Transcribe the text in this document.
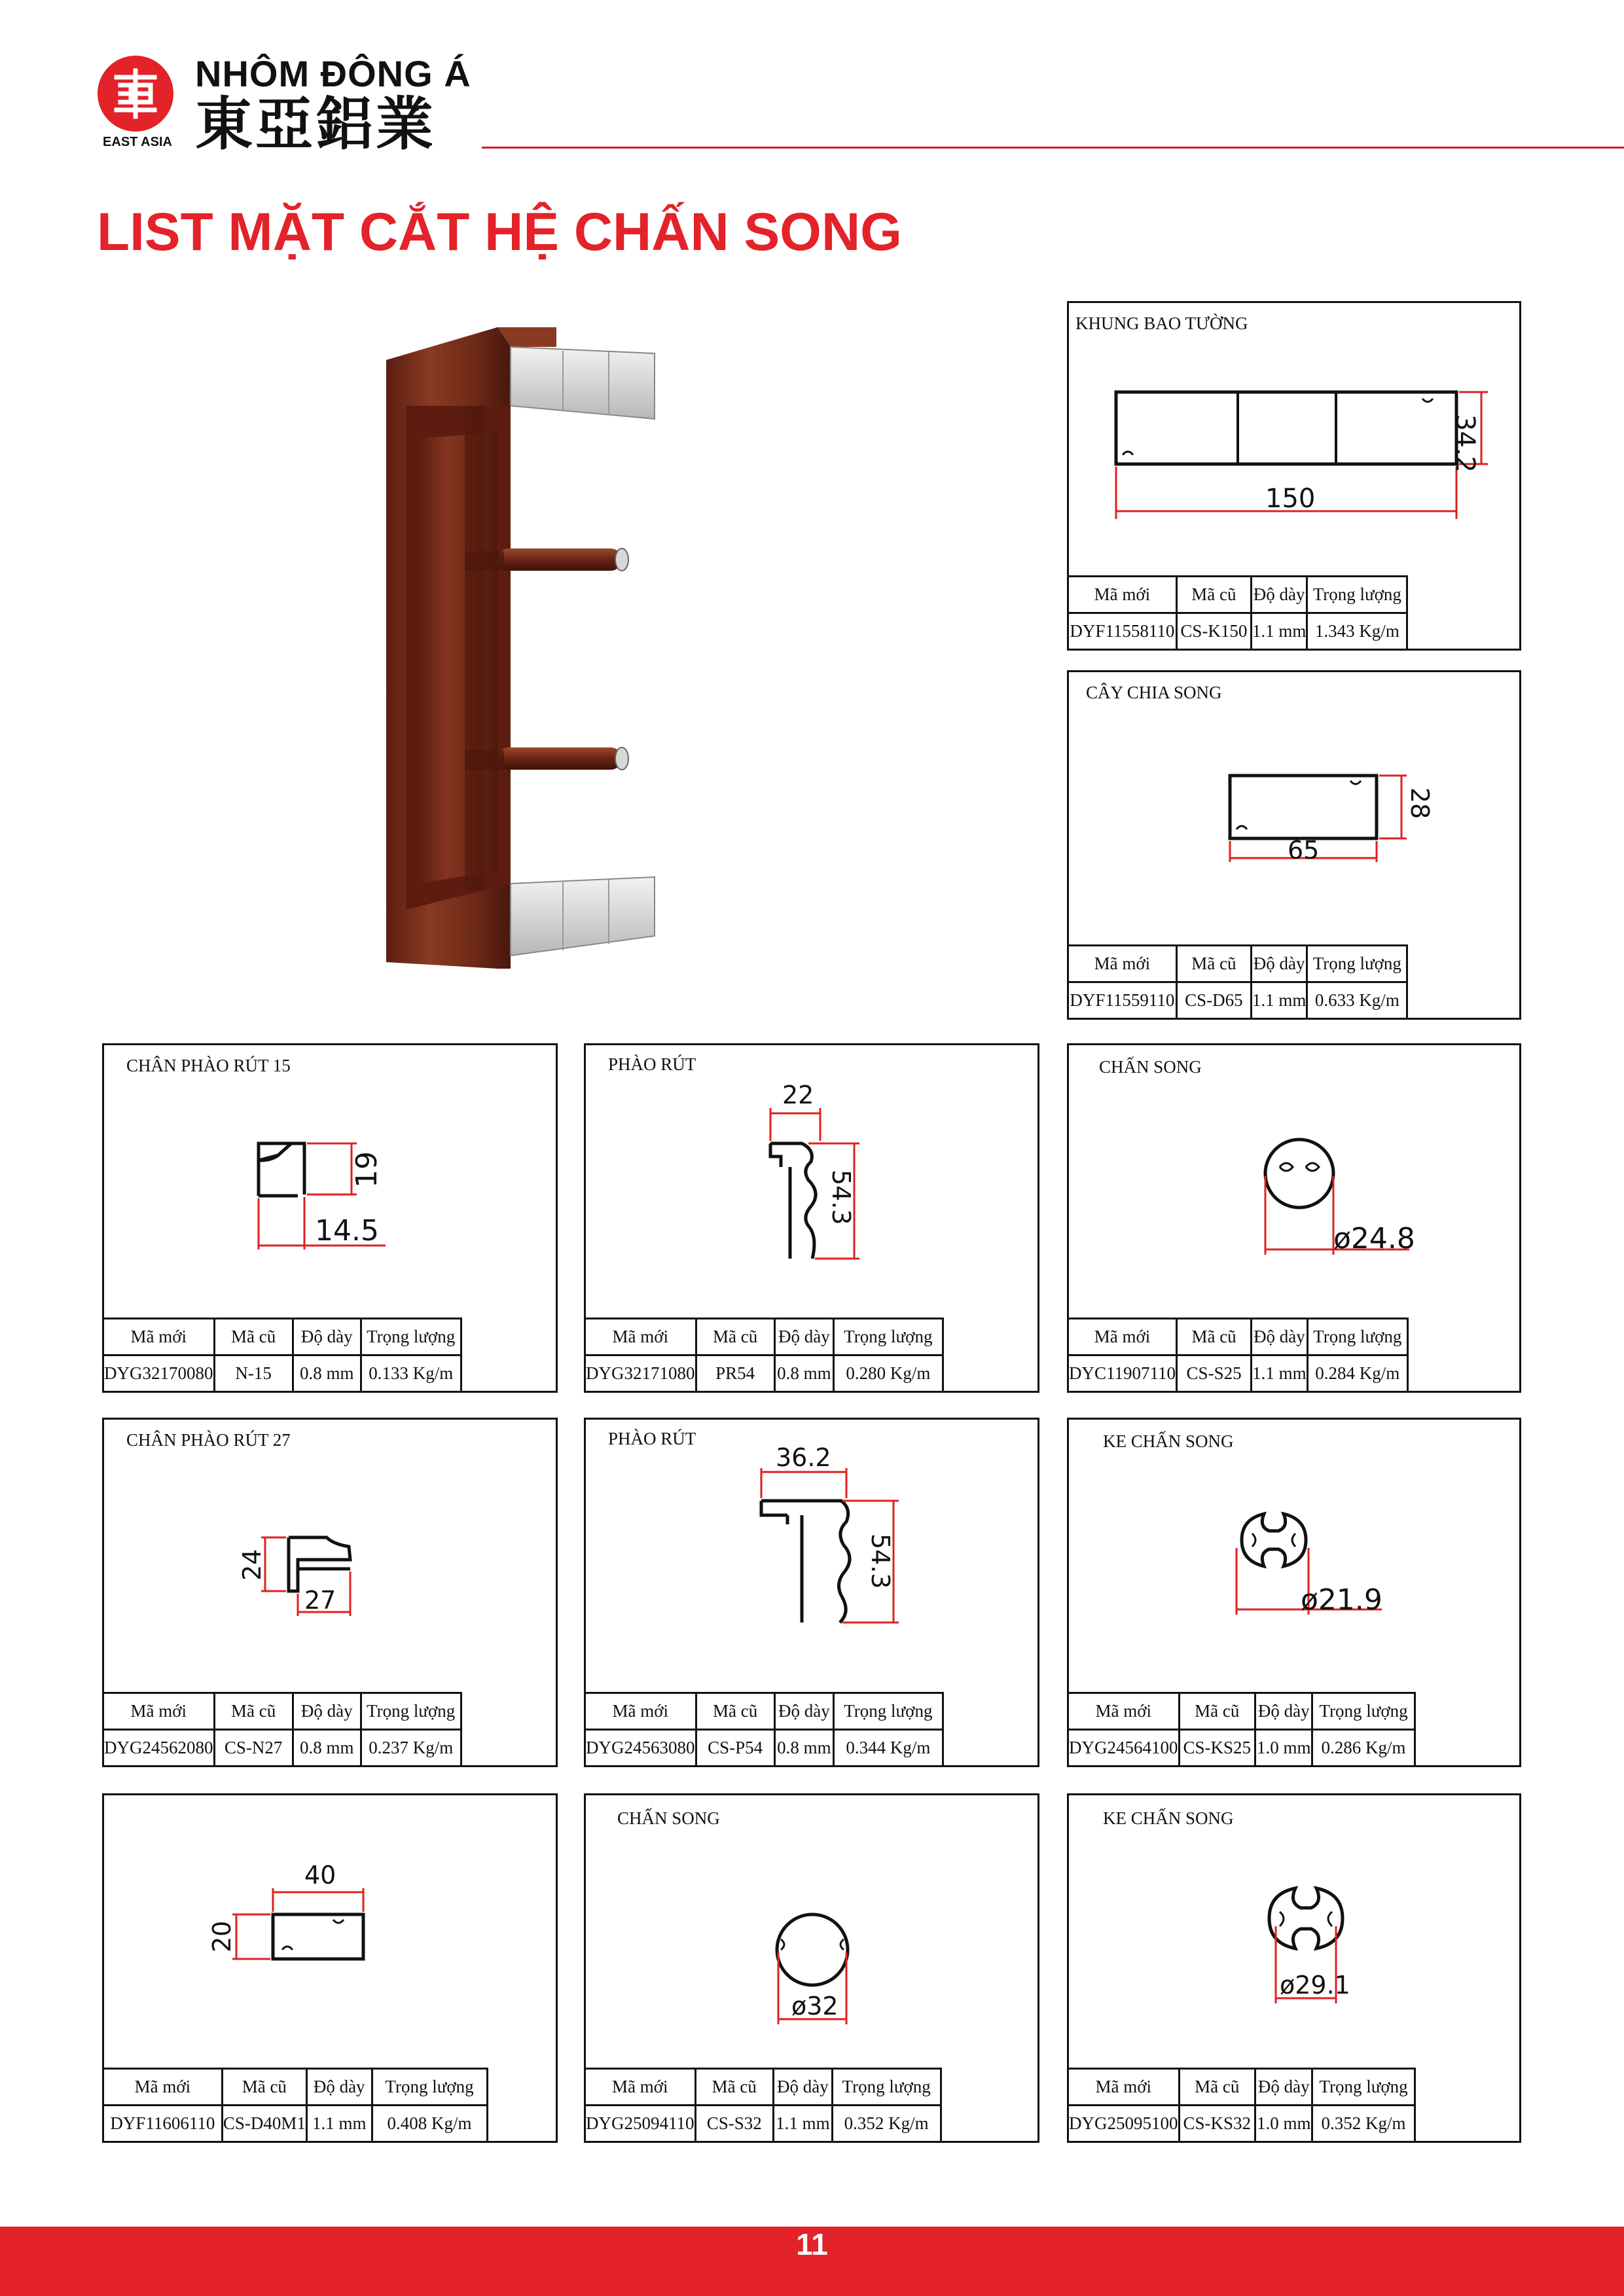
EAST ASIA
NHÔM ĐÔNG Á
東亞鋁業
LIST MẶT CẮT HỆ CHẤN SONG
KHUNG BAO TƯỜNG
150
34.2
Mã mới	Mã cũ	Độ dày	Trọng lượng
DYF11558110	CS-K150	1.1 mm	1.343 Kg/m
CÂY CHIA SONG
65
28
Mã mới	Mã cũ	Độ dày	Trọng lượng
DYF11559110	CS-D65	1.1 mm	0.633 Kg/m
CHÂN PHÀO RÚT 15
14.5
19
Mã mới	Mã cũ	Độ dày	Trọng lượng
DYG32170080	N-15	0.8 mm	0.133 Kg/m
PHÀO RÚT
22
54.3
Mã mới	Mã cũ	Độ dày	Trọng lượng
DYG32171080	PR54	0.8 mm	0.280 Kg/m
CHẤN SONG
ø24.8
Mã mới	Mã cũ	Độ dày	Trọng lượng
DYC11907110	CS-S25	1.1 mm	0.284 Kg/m
CHÂN PHÀO RÚT 27
27
24
Mã mới	Mã cũ	Độ dày	Trọng lượng
DYG24562080	CS-N27	0.8 mm	0.237 Kg/m
PHÀO RÚT
36.2
54.3
Mã mới	Mã cũ	Độ dày	Trọng lượng
DYG24563080	CS-P54	0.8 mm	0.344 Kg/m
KE CHẤN SONG
ø21.9
Mã mới	Mã cũ	Độ dày	Trọng lượng
DYG24564100	CS-KS25	1.0 mm	0.286 Kg/m
40
20
Mã mới	Mã cũ	Độ dày	Trọng lượng
DYF11606110	CS-D40M1	1.1 mm	0.408 Kg/m
CHẤN SONG
ø32
Mã mới	Mã cũ	Độ dày	Trọng lượng
DYG25094110	CS-S32	1.1 mm	0.352 Kg/m
KE CHẤN SONG
ø29.1
Mã mới	Mã cũ	Độ dày	Trọng lượng
DYG25095100	CS-KS32	1.0 mm	0.352 Kg/m
11
